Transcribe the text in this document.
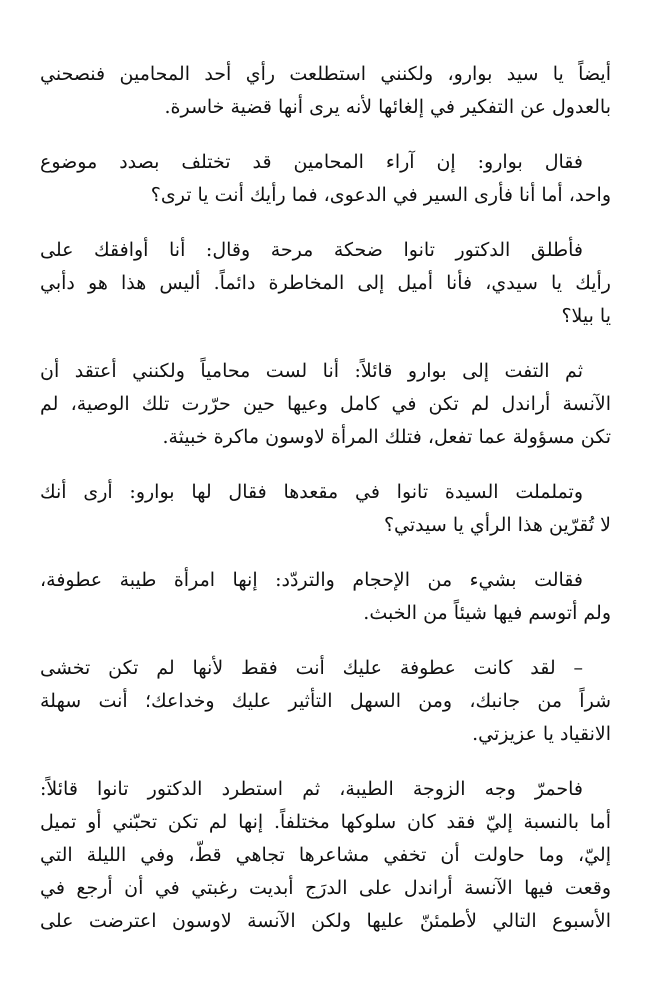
أيضاً يا سيد بوارو، ولكنني استطلعت رأي أحد المحامين فنصحني
بالعدول عن التفكير في إلغائها لأنه يرى أنها قضية خاسرة.
فقال بوارو: إن آراء المحامين قد تختلف بصدد موضوع
واحد، أما أنا فأرى السير في الدعوى، فما رأيك أنت يا ترى؟
فأطلق الدكتور تانوا ضحكة مرحة وقال: أنا أوافقك على
رأيك يا سيدي، فأنا أميل إلى المخاطرة دائماً. أليس هذا هو دأبي
يا بيلا؟
ثم التفت إلى بوارو قائلاً: أنا لست محامياً ولكنني أعتقد أن
الآنسة أراندل لم تكن في كامل وعيها حين حرّرت تلك الوصية، لم
تكن مسؤولة عما تفعل، فتلك المرأة لاوسون ماكرة خبيثة.
وتململت السيدة تانوا في مقعدها فقال لها بوارو: أرى أنك
لا تُقرّين هذا الرأي يا سيدتي؟
فقالت بشيء من الإحجام والتردّد: إنها امرأة طيبة عطوفة،
ولم أتوسم فيها شيئاً من الخبث.
– لقد كانت عطوفة عليك أنت فقط لأنها لم تكن تخشى
شراً من جانبك، ومن السهل التأثير عليك وخداعك؛ أنت سهلة
الانقياد يا عزيزتي.
فاحمرّ وجه الزوجة الطيبة، ثم استطرد الدكتور تانوا قائلاً:
أما بالنسبة إليّ فقد كان سلوكها مختلفاً. إنها لم تكن تحبّني أو تميل
إليّ، وما حاولت أن تخفي مشاعرها تجاهي قطّ، وفي الليلة التي
وقعت فيها الآنسة أراندل على الدرَج أبديت رغبتي في أن أرجع في
الأسبوع التالي لأطمئنّ عليها ولكن الآنسة لاوسون اعترضت على
